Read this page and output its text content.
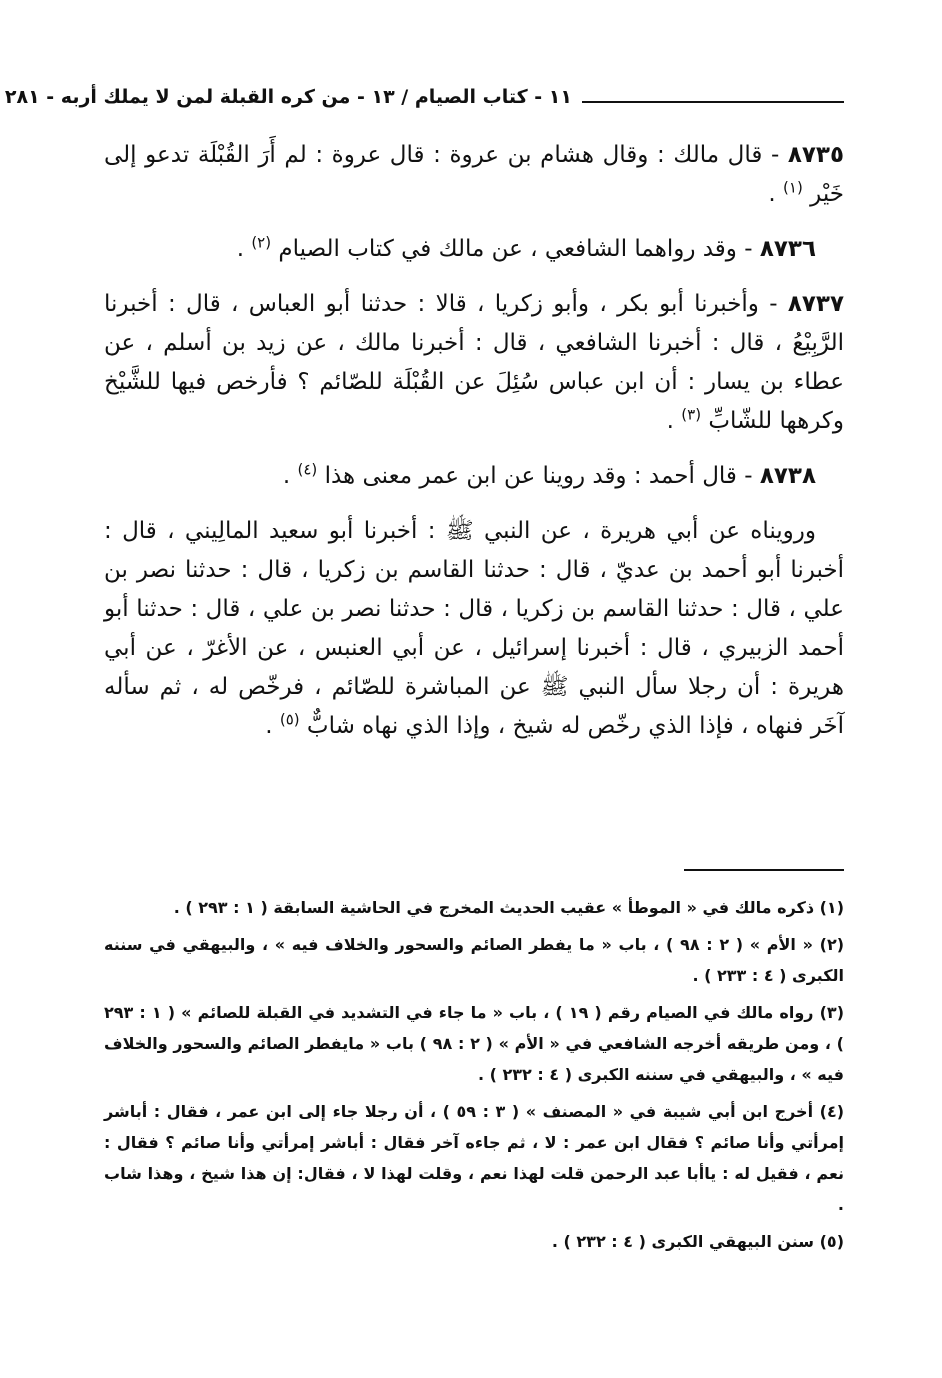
١١ - كتاب الصيام / ١٣ - من كره القبلة لمن لا يملك أربه - ٢٨١

٨٧٣٥ - قال مالك : وقال هشام بن عروة : قال عروة : لم أَرَ القُبْلَة تدعو إلى خَيْر $^{(١)}$ .

٨٧٣٦ - وقد رواهما الشافعي ، عن مالك في كتاب الصيام $^{(٢)}$ .

٨٧٣٧ - وأخبرنا أبو بكر ، وأبو زكريا ، قالا : حدثنا أبو العباس ، قال : أخبرنا الرَّبِيْعُ ، قال : أخبرنا الشافعي ، قال : أخبرنا مالك ، عن زيد بن أسلم ، عن عطاء بن يسار : أن ابن عباس سُئِلَ عن القُبْلَة للصّائم ؟ فأرخص فيها للشَّيْخ وكرهها للشّابِّ $^{(٣)}$ .

٨٧٣٨ - قال أحمد : وقد روينا عن ابن عمر معنى هذا $^{(٤)}$ .

ورويناه عن أبي هريرة ، عن النبي ﷺ : أخبرنا أبو سعيد المالِيني ، قال : أخبرنا أبو أحمد بن عديّ ، قال : حدثنا القاسم بن زكريا ، قال : حدثنا نصر بن علي ، قال : حدثنا القاسم بن زكريا ، قال : حدثنا نصر بن علي ، قال : حدثنا أبو أحمد الزبيري ، قال : أخبرنا إسرائيل ، عن أبي العنبس ، عن الأغرّ ، عن أبي هريرة : أن رجلا سأل النبي ﷺ عن المباشرة للصّائم ، فرخّص له ، ثم سأله آخَر فنهاه ، فإذا الذي رخّص له شيخ ، وإذا الذي نهاه شابٌّ $^{(٥)}$ .

(١) ذكره مالك في « الموطأ » عقيب الحديث المخرج في الحاشية السابقة ( ١ : ٢٩٣ ) .

(٢) « الأم » ( ٢ : ٩٨ ) ، باب « ما يفطر الصائم والسحور والخلاف فيه » ، والبيهقي في سننه الكبرى ( ٤ : ٢٣٣ ) .

(٣) رواه مالك في الصيام رقم ( ١٩ ) ، باب « ما جاء في التشديد في القبلة للصائم » ( ١ : ٢٩٣ ) ، ومن طريقه أخرجه الشافعي في « الأم » ( ٢ : ٩٨ ) باب « مايفطر الصائم والسحور والخلاف فيه » ، والبيهقي في سننه الكبرى ( ٤ : ٢٣٢ ) .

(٤) أخرج ابن أبي شيبة في « المصنف » ( ٣ : ٥٩ ) ، أن رجلا جاء إلى ابن عمر ، فقال : أباشر إمرأتي وأنا صائم ؟ فقال ابن عمر : لا ، ثم جاءه آخر فقال : أباشر إمرأتي وأنا صائم ؟ فقال : نعم ، فقيل له : ياأبا عبد الرحمن قلت لهذا نعم ، وقلت لهذا لا ، فقال: إن هذا شيخ ، وهذا شاب .

(٥) سنن البيهقي الكبرى ( ٤ : ٢٣٢ ) .
